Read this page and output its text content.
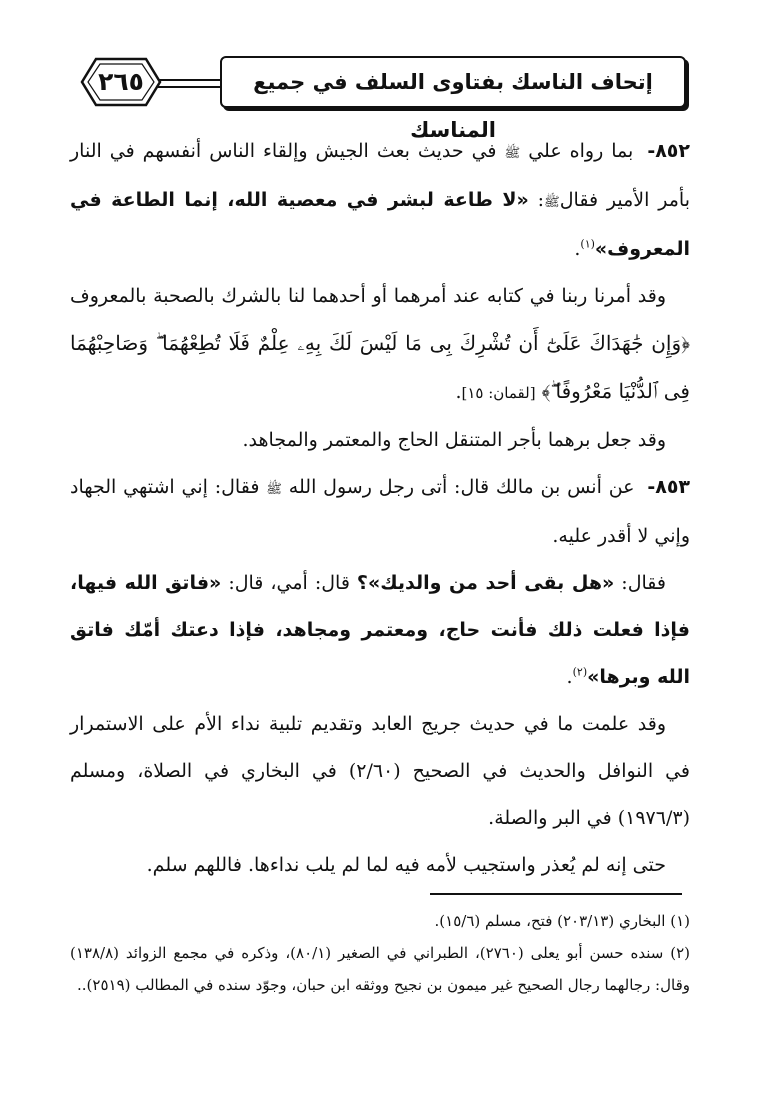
٢٦٥	إتحاف الناسك بفتاوى السلف في جميع المناسك

٨٥٢- بما رواه علي ﷺ في حديث بعث الجيش وإلقاء الناس أنفسهم في النار بأمر الأمير فقالﷺ: «لا طاعة لبشر في معصية الله، إنما الطاعة في المعروف»$^{(١)}$.

وقد أمرنا ربنا في كتابه عند أمرهما أو أحدهما لنا بالشرك بالصحبة بالمعروف ﴿وَإِن جَٰهَدَاكَ عَلَىٰٓ أَن تُشْرِكَ بِى مَا لَيْسَ لَكَ بِهِۦ عِلْمٌ فَلَا تُطِعْهُمَا ۖ وَصَاحِبْهُمَا فِى ٱلدُّنْيَا مَعْرُوفًا ۖ﴾ [لقمان: ١٥].

وقد جعل برهما بأجر المتنقل الحاج والمعتمر والمجاهد.

٨٥٣- عن أنس بن مالك قال: أتى رجل رسول الله ﷺ فقال: إني اشتهي الجهاد وإني لا أقدر عليه.

فقال: «هل بقى أحد من والديك»؟ قال: أمي، قال: «فاتق الله فيها، فإذا فعلت ذلك فأنت حاج، ومعتمر ومجاهد، فإذا دعتك أمّك فاتق الله وبرها»$^{(٢)}$.

وقد علمت ما في حديث جريج العابد وتقديم تلبية نداء الأم على الاستمرار في النوافل والحديث في الصحيح (٢/٦٠) في البخاري في الصلاة، ومسلم (١٩٧٦/٣) في البر والصلة.

حتى إنه لم يُعذر واستجيب لأمه فيه لما لم يلب نداءها. فاللهم سلم.

(١) البخاري (٢٠٣/١٣) فتح، مسلم (١٥/٦).

(٢) سنده حسن أبو يعلى (٢٧٦٠)، الطبراني في الصغير (٨٠/١)، وذكره في مجمع الزوائد (١٣٨/٨) وقال: رجالهما رجال الصحيح غير ميمون بن نجيح ووثقه ابن حبان، وجوّد سنده في المطالب (٢٥١٩)..
